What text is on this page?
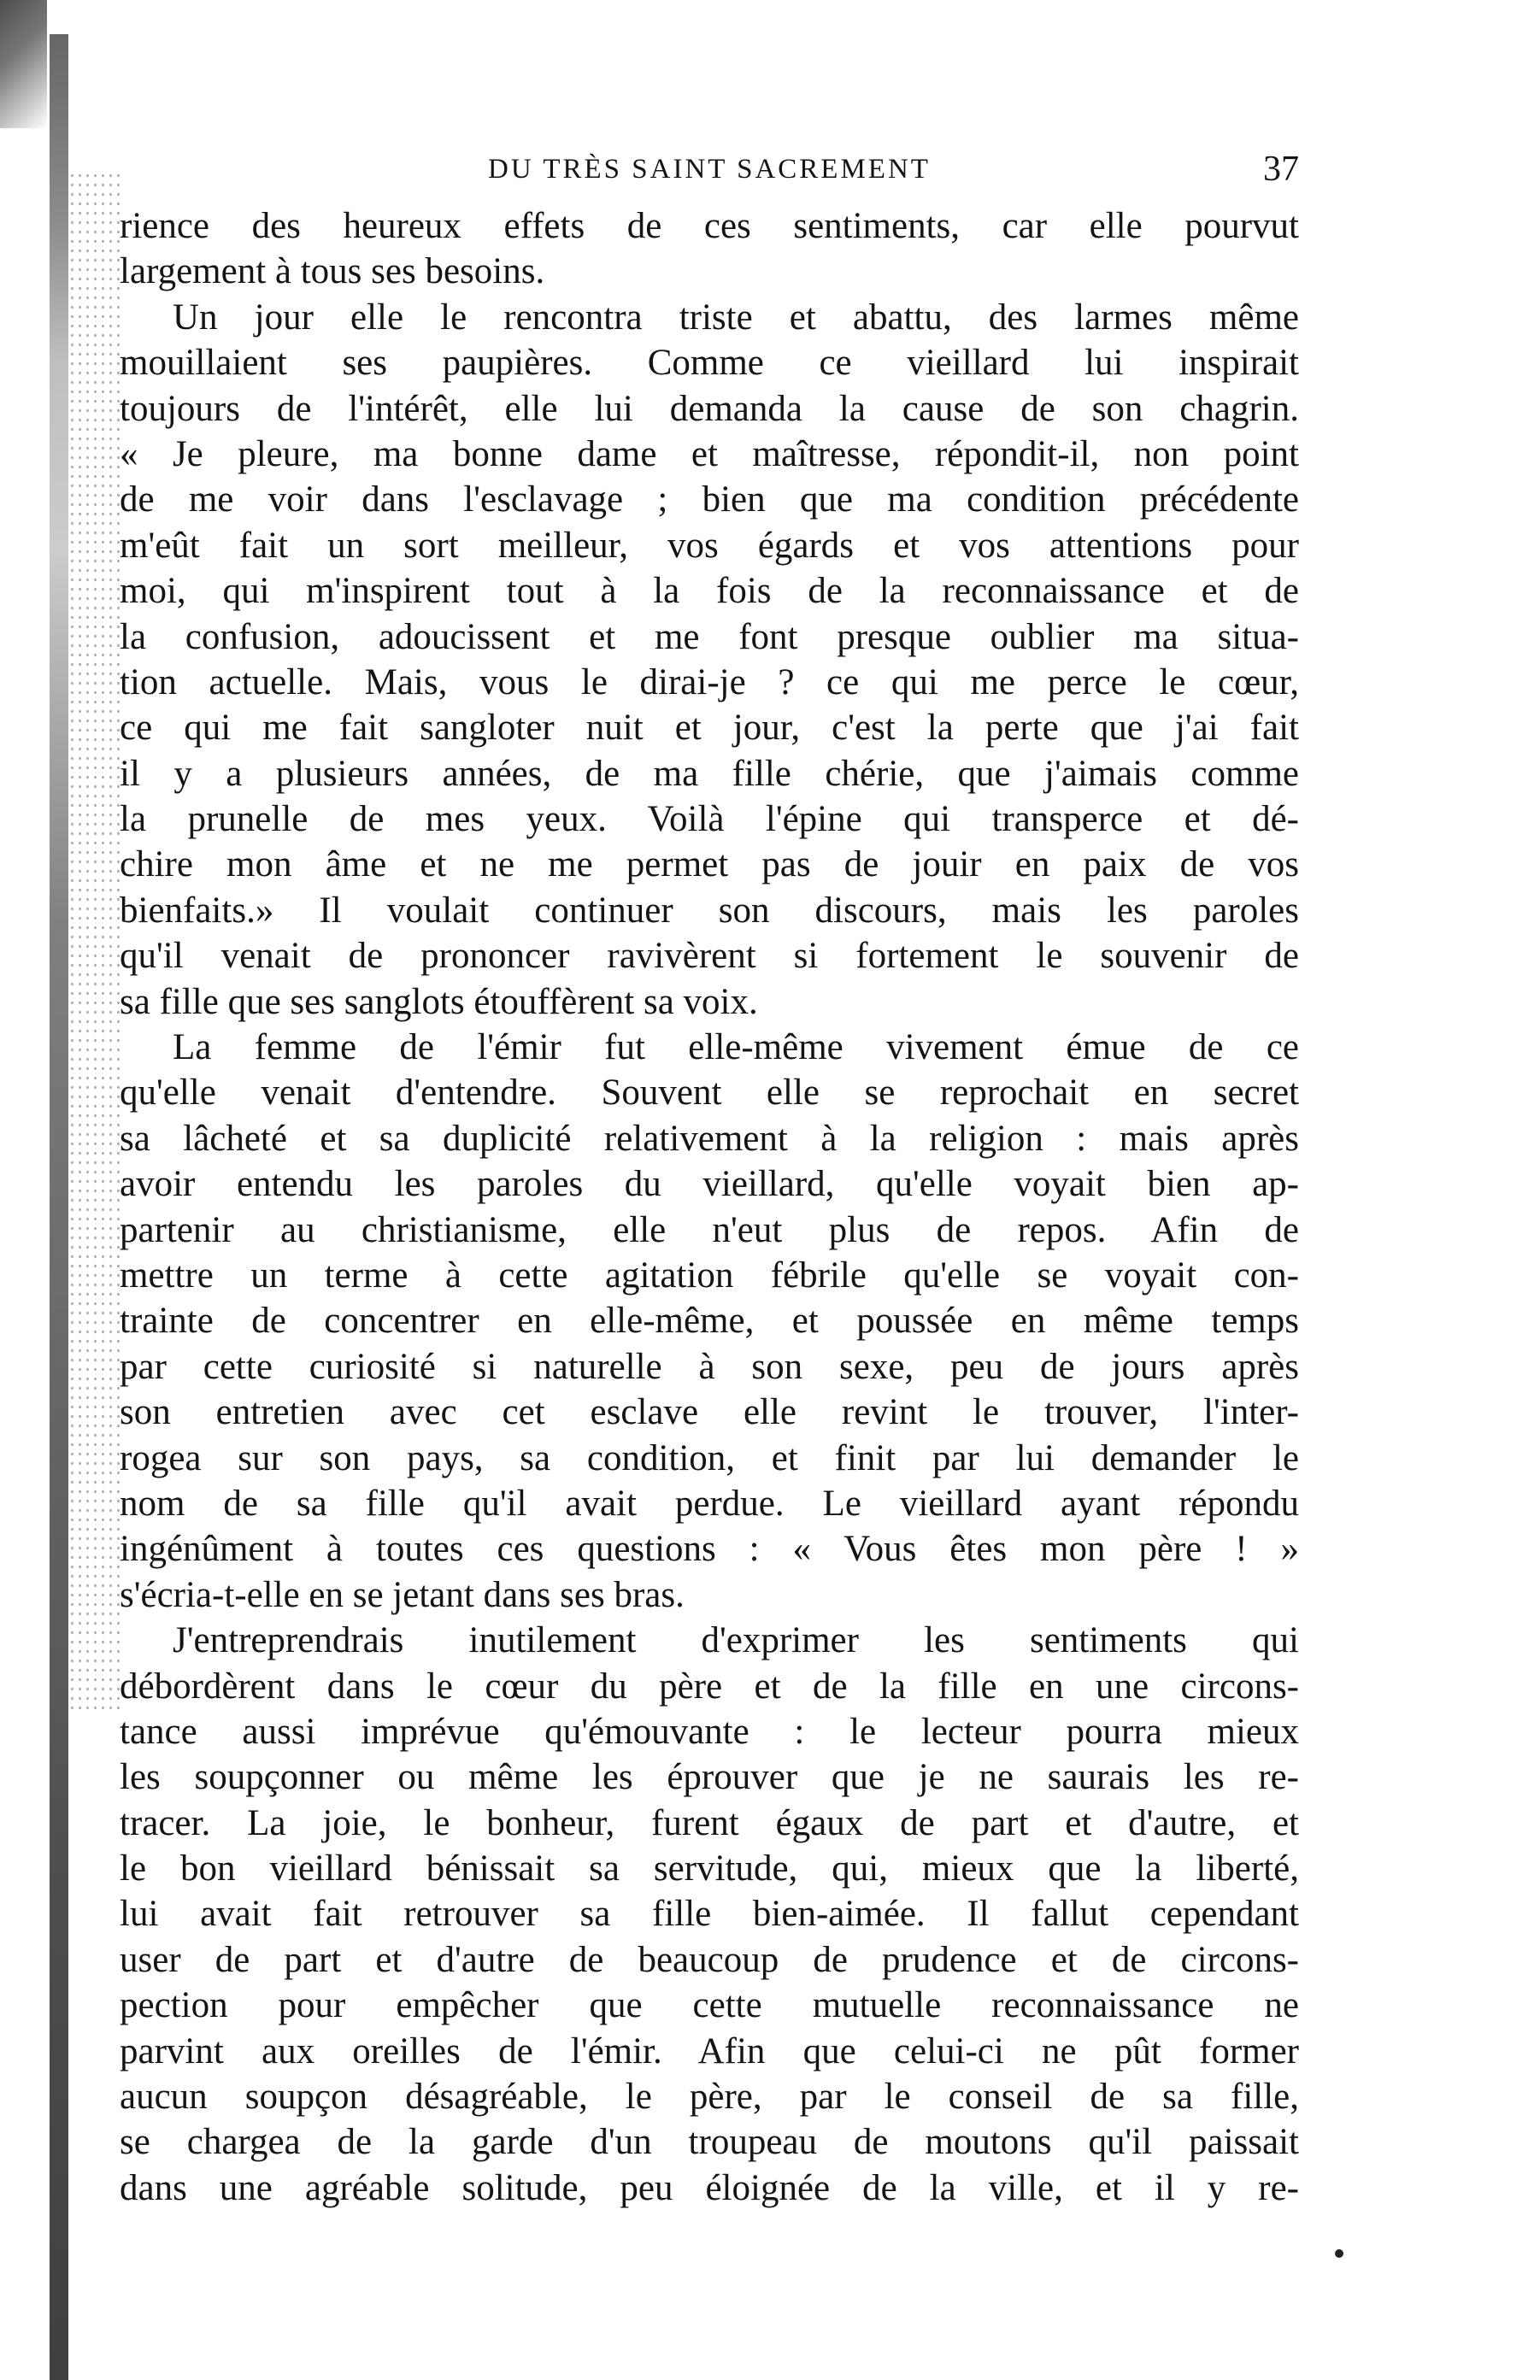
DU TRÈS SAINT SACREMENT	37
rience des heureux effets de ces sentiments, car elle pourvut
largement à tous ses besoins.
Un jour elle le rencontra triste et abattu, des larmes même
mouillaient ses paupières. Comme ce vieillard lui inspirait
toujours de l'intérêt, elle lui demanda la cause de son chagrin.
« Je pleure, ma bonne dame et maîtresse, répondit-il, non point
de me voir dans l'esclavage ; bien que ma condition précédente
m'eût fait un sort meilleur, vos égards et vos attentions pour
moi, qui m'inspirent tout à la fois de la reconnaissance et de
la confusion, adoucissent et me font presque oublier ma situa-
tion actuelle. Mais, vous le dirai-je ? ce qui me perce le cœur,
ce qui me fait sangloter nuit et jour, c'est la perte que j'ai fait
il y a plusieurs années, de ma fille chérie, que j'aimais comme
la prunelle de mes yeux. Voilà l'épine qui transperce et dé-
chire mon âme et ne me permet pas de jouir en paix de vos
bienfaits.» Il voulait continuer son discours, mais les paroles
qu'il venait de prononcer ravivèrent si fortement le souvenir de
sa fille que ses sanglots étouffèrent sa voix.
La femme de l'émir fut elle-même vivement émue de ce
qu'elle venait d'entendre. Souvent elle se reprochait en secret
sa lâcheté et sa duplicité relativement à la religion : mais après
avoir entendu les paroles du vieillard, qu'elle voyait bien ap-
partenir au christianisme, elle n'eut plus de repos. Afin de
mettre un terme à cette agitation fébrile qu'elle se voyait con-
trainte de concentrer en elle-même, et poussée en même temps
par cette curiosité si naturelle à son sexe, peu de jours après
son entretien avec cet esclave elle revint le trouver, l'inter-
rogea sur son pays, sa condition, et finit par lui demander le
nom de sa fille qu'il avait perdue. Le vieillard ayant répondu
ingénûment à toutes ces questions : « Vous êtes mon père ! »
s'écria-t-elle en se jetant dans ses bras.
J'entreprendrais inutilement d'exprimer les sentiments qui
débordèrent dans le cœur du père et de la fille en une circons-
tance aussi imprévue qu'émouvante : le lecteur pourra mieux
les soupçonner ou même les éprouver que je ne saurais les re-
tracer. La joie, le bonheur, furent égaux de part et d'autre, et
le bon vieillard bénissait sa servitude, qui, mieux que la liberté,
lui avait fait retrouver sa fille bien-aimée. Il fallut cependant
user de part et d'autre de beaucoup de prudence et de circons-
pection pour empêcher que cette mutuelle reconnaissance ne
parvint aux oreilles de l'émir. Afin que celui-ci ne pût former
aucun soupçon désagréable, le père, par le conseil de sa fille,
se chargea de la garde d'un troupeau de moutons qu'il paissait
dans une agréable solitude, peu éloignée de la ville, et il y re-
